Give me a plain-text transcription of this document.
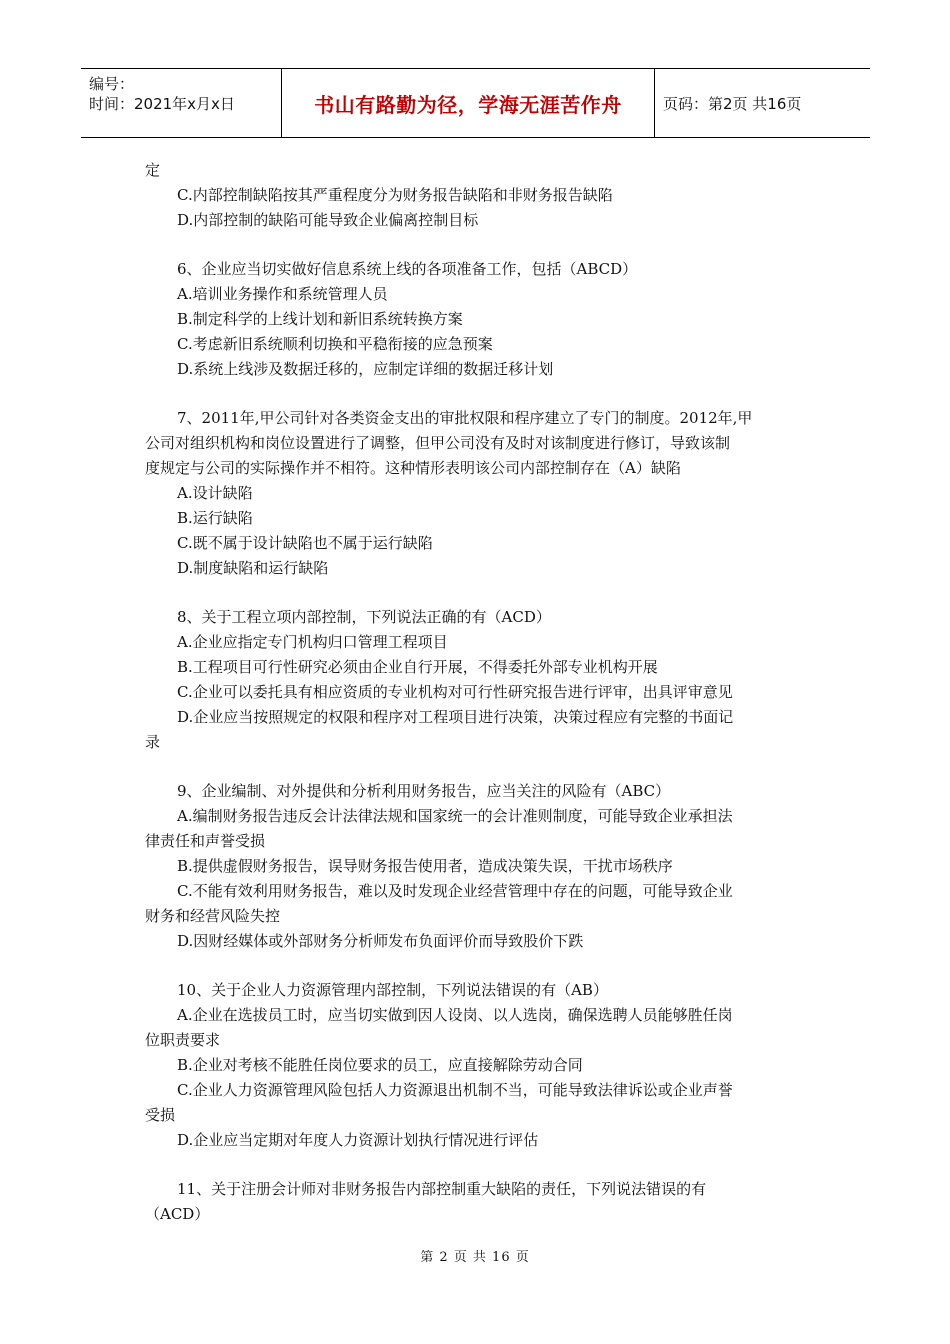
编号：
时间：2021年x月x日	书山有路勤为径，学海无涯苦作舟	页码：第2页 共16页
定
C.内部控制缺陷按其严重程度分为财务报告缺陷和非财务报告缺陷
D.内部控制的缺陷可能导致企业偏离控制目标
6、企业应当切实做好信息系统上线的各项准备工作，包括（ABCD）
A.培训业务操作和系统管理人员
B.制定科学的上线计划和新旧系统转换方案
C.考虑新旧系统顺利切换和平稳衔接的应急预案
D.系统上线涉及数据迁移的，应制定详细的数据迁移计划
7、2011年,甲公司针对各类资金支出的审批权限和程序建立了专门的制度。2012年,甲
公司对组织机构和岗位设置进行了调整，但甲公司没有及时对该制度进行修订，导致该制
度规定与公司的实际操作并不相符。这种情形表明该公司内部控制存在（A）缺陷
A.设计缺陷
B.运行缺陷
C.既不属于设计缺陷也不属于运行缺陷
D.制度缺陷和运行缺陷
8、关于工程立项内部控制，下列说法正确的有（ACD）
A.企业应指定专门机构归口管理工程项目
B.工程项目可行性研究必须由企业自行开展，不得委托外部专业机构开展
C.企业可以委托具有相应资质的专业机构对可行性研究报告进行评审，出具评审意见
D.企业应当按照规定的权限和程序对工程项目进行决策，决策过程应有完整的书面记
录
9、企业编制、对外提供和分析利用财务报告，应当关注的风险有（ABC）
A.编制财务报告违反会计法律法规和国家统一的会计准则制度，可能导致企业承担法
律责任和声誉受损
B.提供虚假财务报告，误导财务报告使用者，造成决策失误，干扰市场秩序
C.不能有效利用财务报告，难以及时发现企业经营管理中存在的问题，可能导致企业
财务和经营风险失控
D.因财经媒体或外部财务分析师发布负面评价而导致股价下跌
10、关于企业人力资源管理内部控制，下列说法错误的有（AB）
A.企业在选拔员工时，应当切实做到因人设岗、以人选岗，确保选聘人员能够胜任岗
位职责要求
B.企业对考核不能胜任岗位要求的员工，应直接解除劳动合同
C.企业人力资源管理风险包括人力资源退出机制不当，可能导致法律诉讼或企业声誉
受损
D.企业应当定期对年度人力资源计划执行情况进行评估
11、关于注册会计师对非财务报告内部控制重大缺陷的责任，下列说法错误的有
（ACD）
第 2 页 共 16 页
